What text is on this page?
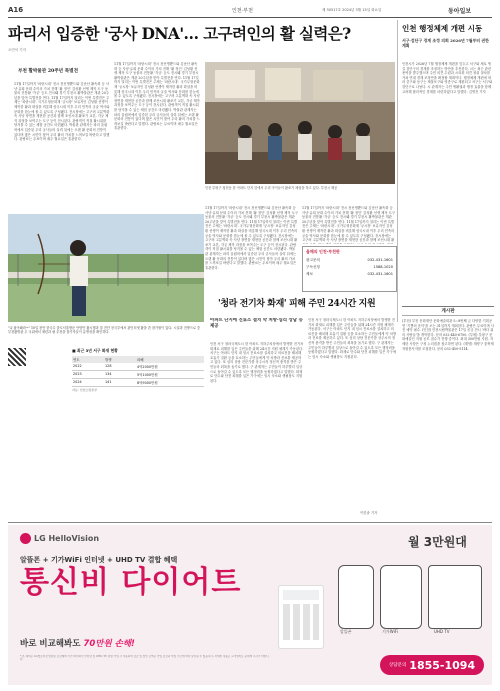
A16	인천·부천	제 30517호 2024년 3월 15일 화요일	동아일보
파리서 입증한 '궁사 DNA'… 고구려인의 활 실력은?
오민석 기자
부천 활박물관 20주년 특별전
11월 17일까지 '파란시대' 전시 천선명뿐드와 김준산 활속화 등 사냥·유희 문화 수이의 가치 전해 '활 정인' 김성환 선생 제작 도구 동물의 전통활 '각궁' 등도 전시돼 경기 부천시 활박물관은 개관 20주년을 맞아 특별전을 연다. 11월 17일까지 열리는 이번 특별전은 주제는 '파란시대'. 국가무형문화재 '궁시장' 보유자인 김성환 선생이 제작한 활과 화살을 비롯해 삼국시대 이후 우리 민족의 궁술 역사와 문화를 한눈에 볼 수 있도록 구성됐다. 전시장에는 고구려 고분벽화 속 사냥 장면을 재현한 공간과 함께 조선시대 활쏘기 교본, 각궁 제작 과정을 보여주는 도구 등이 전시된다. 관람객이 직접 활시위를 당겨볼 수 있는 체험 공간도 마련됐다. 박물관 관계자는 파리 올림픽에서 입증된 우리 궁사들의 실력 뒤에는 오랜 활 문화의 전통이 있다며 많은 시민이 찾아 우리 활의 가치를 느껴보길 바란다고 말했다. 관람료는 무료이며 매주 월요일은 휴관한다.
인천 부평구 청천동 한 아파트 단지 앞에서 우리 아이들이 활쏘기 체험을 하고 있다. 부천시 제공
11월 17일까지 '파란시대' 전시 천선명뿐드와 김준산 활속화 등 사냥·유희 문화 수이의 가치 전해 '활 정인' 김성환 선생 제작 도구 동물의 전통활 '각궁' 등도 전시돼 경기 부천시 활박물관은 개관 20주년을 맞아 특별전을 연다. 11월 17일까지 열리는 이번 특별전은 주제는 '파란시대'. 국가무형문화재 '궁시장' 보유자인 김성환 선생이 제작한 활과 화살을 비롯해 삼국시대 이후 우리 민족의 궁술 역사와 문화를 한눈에 볼 수 있도록 구성됐다. 전시장에는 고구려 고분벽화 속 사냥 장면을 재현한 공간과 함께 조선시대 활쏘기 교본, 각궁 제작 과정을 보여주는 도구 등이 전시된다. 관람객이 직접 활시위를 당겨볼 수 있는 체험 공간도 마련됐다. 박물관 관계자는 파리 올림픽에서 입증된 우리 궁사들의 실력 뒤에는 오랜 활 문화의 전통이 있다며 많은 시민이 찾아 우리 활의 가치를 느껴보길 바란다고 말했다. 관람료는 무료이며 매주 월요일은 휴관한다.
11월 17일까지 '파란시대' 전시 천선명뿐드와 김준산 활속화 등 사냥·유희 문화 수이의 가치 전해 '활 정인' 김성환 선생 제작 도구 동물의 전통활 '각궁' 등도 전시돼 경기 부천시 활박물관은 개관 20주년을 맞아 특별전을 연다. 11월 17일까지 열리는 이번 특별전은 주제는 '파란시대'. 국가무형문화재 '궁시장' 보유자인 김성환 선생이 제작한 활과 화살을 비롯해 삼국시대 이후 우리 민족의 궁술 역사와 문화를 한눈에 볼 수 있도록 구성됐다. 전시장에는 고구려 고분벽화 속 사냥 장면을 재현한 공간과 함께 조선시대 활쏘기 교본, 각궁 제작 과정을 보여주는 도구 등이 전시된다. 관람객이 직접 활시위를 당겨볼 수 있는 체험 공간도 마련됐다. 박물관 관계자는 파리 올림픽에서 입증된 우리 궁사들의 실력 뒤에는 오랜 활 문화의 전통이 있다며 많은 시민이 찾아 우리 활의 가치를 느껴보길 바란다고 말했다. 관람료는 무료이며 매주 월요일은 휴관한다.
11월 17일까지 '파란시대' 전시 천선명뿐드와 김준산 활속화 등 사냥·유희 문화 수이의 가치 전해 '활 정인' 김성환 선생 제작 도구 동물의 전통활 '각궁' 등도 전시돼 경기 부천시 활박물관은 개관 20주년을 맞아 특별전을 연다. 11월 17일까지 열리는 이번 특별전은 주제는 '파란시대'. 국가무형문화재 '궁시장' 보유자인 김성환 선생이 제작한 활과 화살을 비롯해 삼국시대 이후 우리 민족의 궁술 역사와 문화를 한눈에 볼 수 있도록 구성됐다. 전시장에는 고구려 고분벽화 속 사냥 장면을 재현한 공간과 함께 조선시대 활
올해의 인천·부천판
광고문의	032-431-1601
구독신청	1588-1020
제보	032-431-1601
인천 행정체제 개편 시동
서구·검단구 경계 조정 의회 2026년 7월부터 권한 계획
인천시가 2026년 7월 행정체제 개편을 앞두고 서구와 새로 생길 검단구의 경계를 조정하는 방안을 추진한다. 시는 최근 관련 용역을 발주했으며 주민 의견 수렴과 시의회 의견 청취 절차를 거쳐 연내 경계 조정안을 확정할 계획이다. 행정체제 개편에 따라 중구와 동구는 제물포구와 영종구로 재편되고 서구는 서구와 검단구로 나뉜다. 시 관계자는 주민 생활권과 행정 효율을 함께 고려해 합리적인 경계를 마련하겠다고 말했다. 김명진 기자
게시판
(부천) 부천 문화재단 문화예술회관 5∼8번째 금 다양한 기획공연 '기쁨의 음악'을 오는 31일까지 개최한다. 관람은 무료이며 사전 예약 필수. (인천) 인천시립박물관은 17일 신규 전시 '바다 위의 사람들'을 개막한다. 문의 032-440-6700. (부평) 부평구 문화예술인 지원 공모 접수가 진행 중이다. 최대 300만원 지원. 자세한 사항은 구청 누리집을 참고하면 된다. (계양) 계양구 꽃축제 자원봉사자를 모집한다. 문의 032-450-5114.
"나 잡아봐라~" 10일 천안 한국수 을도서울방문 안양안 활시행과 칠 전단 천국부에서 관인터넷 활을 쓴 참가원이 있다. 시설과 전방으로 중 부천활방관 우 국위에서 체련과 필 추천을 참가자들이 유명성을 확인하다.
'청라 전기차 화재' 피해 주민 24시간 지원
아파트 단지에 진료소 설치 약 처방·심리 상담 등 제공
인천 서구 청라국제도시 한 아파트 지하주차장에서 발생한 전기차 화재로 피해를 입은 주민들을 위해 24시간 지원 체계가 가동된다. 서구는 아파트 단지 내 임시 진료소를 설치하고 의료진을 배치해 호흡기 질환 등을 호소하는 주민들에게 약 처방과 진료를 제공하고 있다. 또 심리 상담 전문가를 상주시켜 정신적 충격을 받은 주민들의 회복을 돕기로 했다. 구 관계자는 주민들이 하루빨리 일상으로 돌아갈 수 있도록 모든 행정력을 동원하겠다고 말했다. 화재로 단수와 단전 피해를 입은 가구에는 임시 숙소와 생필품도 지원된다.
인천 서구 청라국제도시 한 아파트 지하주차장에서 발생한 전기차 화재로 피해를 입은 주민들을 위해 24시간 지원 체계가 가동된다. 서구는 아파트 단지 내 임시 진료소를 설치하고 의료진을 배치해 호흡기 질환 등을 호소하는 주민들에게 약 처방과 진료를 제공하고 있다. 또 심리 상담 전문가를 상주시켜 정신적 충격을 받은 주민들의 회복을 돕기로 했다. 구 관계자는 주민들이 하루빨리 일상으로 돌아갈 수 있도록 모든 행정력을 동원하겠다고 말했다. 화재로 단수와 단전 피해를 입은 가구에는 임시 숙소와 생필품도 지원된다.
이한솔 기자
■ 최근 3년 서구 화재 현황
연도	발생	피해
2022	128	4억2000만원
2023	134	5억1000만원
2024	141	8억9000만원
자료: 인천소방본부
LG HelloVision
알뜰폰 + 기가WiFi 인터넷 + UHD TV 결합 혜택
통신비 다이어트
바로 비교해봐도 70만원 손해!
* 본 혜택은 LG헬로비전 알뜰폰 요금제와 기가 와이파이 인터넷 및 UHD TV 결합 가입 시 적용되며 요금 및 할인 금액은 가입 조건과 약정 기간에 따라 달라질 수 있습니다. 자세한 내용은 고객센터로 문의해 주시기 바랍니다.
월 3만원대
알뜰폰	기가WiFi	UHD TV
상담문의 1855-1094
